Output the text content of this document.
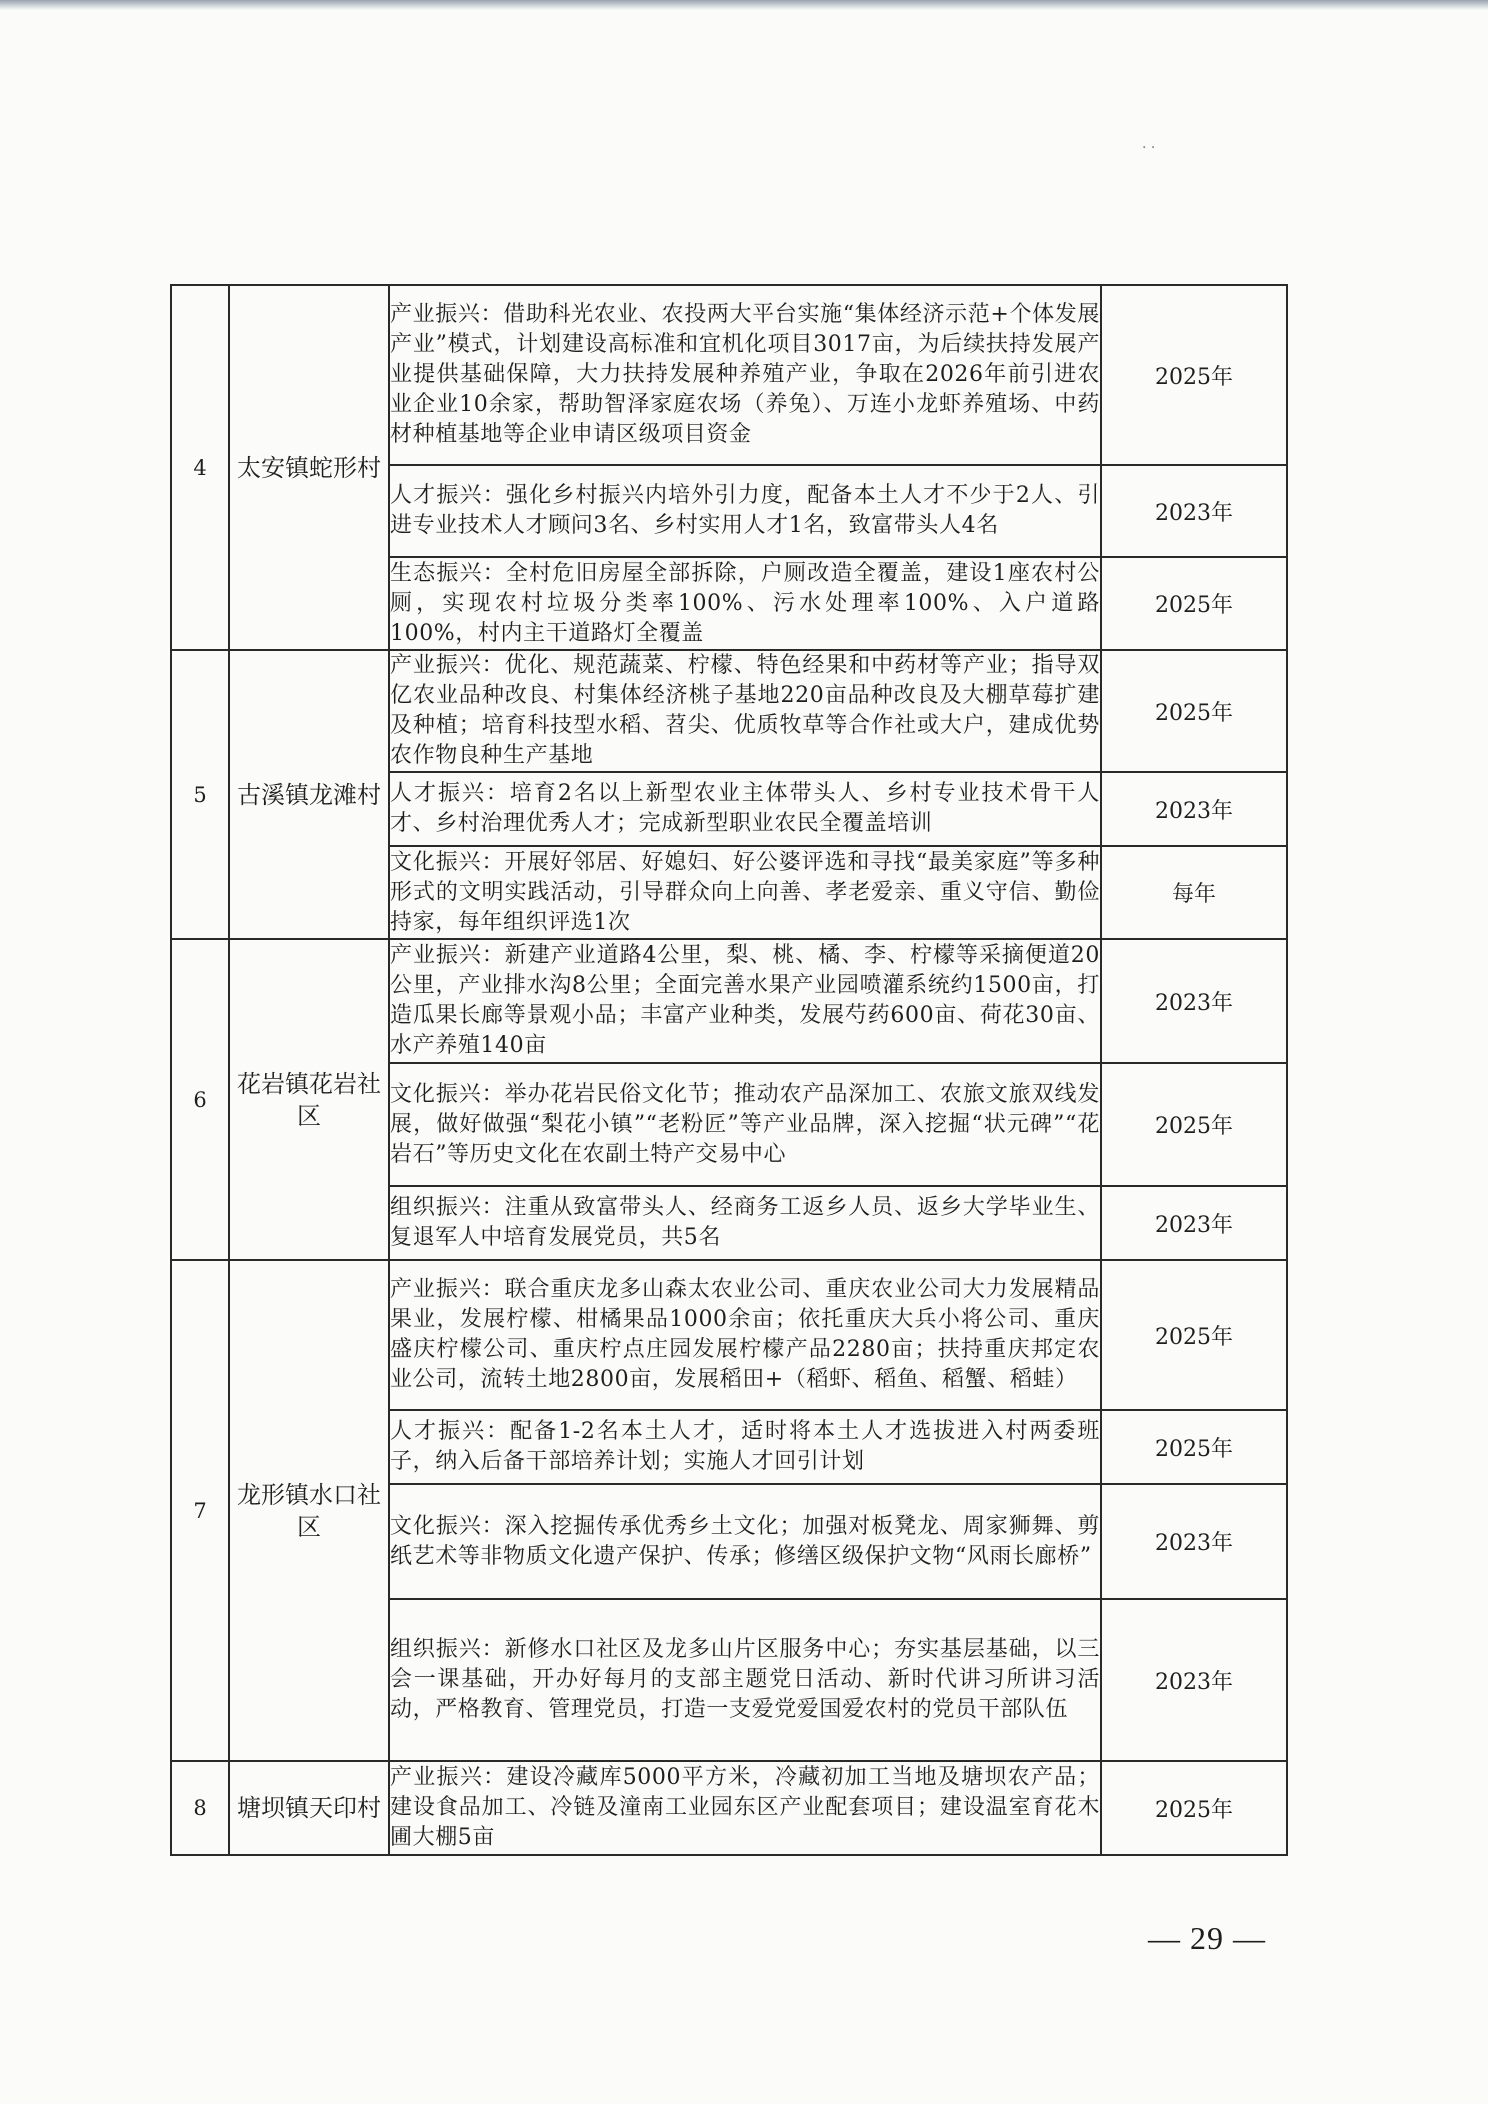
· ·
4	太安镇蛇形村	产业振兴：借助科光农业、农投两大平台实施“集体经济示范+个体发展产业”模式，计划建设高标准和宜机化项目3017亩，为后续扶持发展产业提供基础保障，大力扶持发展种养殖产业，争取在2026年前引进农业企业10余家，帮助智泽家庭农场（养兔）、万连小龙虾养殖场、中药材种植基地等企业申请区级项目资金	2025年
		人才振兴：强化乡村振兴内培外引力度，配备本土人才不少于2人、引进专业技术人才顾问3名、乡村实用人才1名，致富带头人4名	2023年
		生态振兴：全村危旧房屋全部拆除，户厕改造全覆盖，建设1座农村公厕，实现农村垃圾分类率100%、污水处理率100%、入户道路100%，村内主干道路灯全覆盖	2025年
5	古溪镇龙滩村	产业振兴：优化、规范蔬菜、柠檬、特色经果和中药材等产业；指导双亿农业品种改良、村集体经济桃子基地220亩品种改良及大棚草莓扩建及种植；培育科技型水稻、苕尖、优质牧草等合作社或大户，建成优势农作物良种生产基地	2025年
		人才振兴：培育2名以上新型农业主体带头人、乡村专业技术骨干人才、乡村治理优秀人才；完成新型职业农民全覆盖培训	2023年
		文化振兴：开展好邻居、好媳妇、好公婆评选和寻找“最美家庭”等多种形式的文明实践活动，引导群众向上向善、孝老爱亲、重义守信、勤俭持家，每年组织评选1次	每年
6	花岩镇花岩社区	产业振兴：新建产业道路4公里，梨、桃、橘、李、柠檬等采摘便道20公里，产业排水沟8公里；全面完善水果产业园喷灌系统约1500亩，打造瓜果长廊等景观小品；丰富产业种类，发展芍药600亩、荷花30亩、水产养殖140亩	2023年
		文化振兴：举办花岩民俗文化节；推动农产品深加工、农旅文旅双线发展，做好做强“梨花小镇”“老粉匠”等产业品牌，深入挖掘“状元碑”“花岩石”等历史文化在农副土特产交易中心	2025年
		组织振兴：注重从致富带头人、经商务工返乡人员、返乡大学毕业生、复退军人中培育发展党员，共5名	2023年
7	龙形镇水口社区	产业振兴：联合重庆龙多山森太农业公司、重庆农业公司大力发展精品果业，发展柠檬、柑橘果品1000余亩；依托重庆大兵小将公司、重庆盛庆柠檬公司、重庆柠点庄园发展柠檬产品2280亩；扶持重庆邦定农业公司，流转土地2800亩，发展稻田+（稻虾、稻鱼、稻蟹、稻蛙）	2025年
		人才振兴：配备1-2名本土人才，适时将本土人才选拔进入村两委班子，纳入后备干部培养计划；实施人才回引计划	2025年
		文化振兴：深入挖掘传承优秀乡土文化；加强对板凳龙、周家狮舞、剪纸艺术等非物质文化遗产保护、传承；修缮区级保护文物“风雨长廊桥”	2023年
		组织振兴：新修水口社区及龙多山片区服务中心；夯实基层基础，以三会一课基础，开办好每月的支部主题党日活动、新时代讲习所讲习活动，严格教育、管理党员，打造一支爱党爱国爱农村的党员干部队伍	2023年
8	塘坝镇天印村	产业振兴：建设冷藏库5000平方米，冷藏初加工当地及塘坝农产品；建设食品加工、冷链及潼南工业园东区产业配套项目；建设温室育花木圃大棚5亩	2025年
— 29 —
